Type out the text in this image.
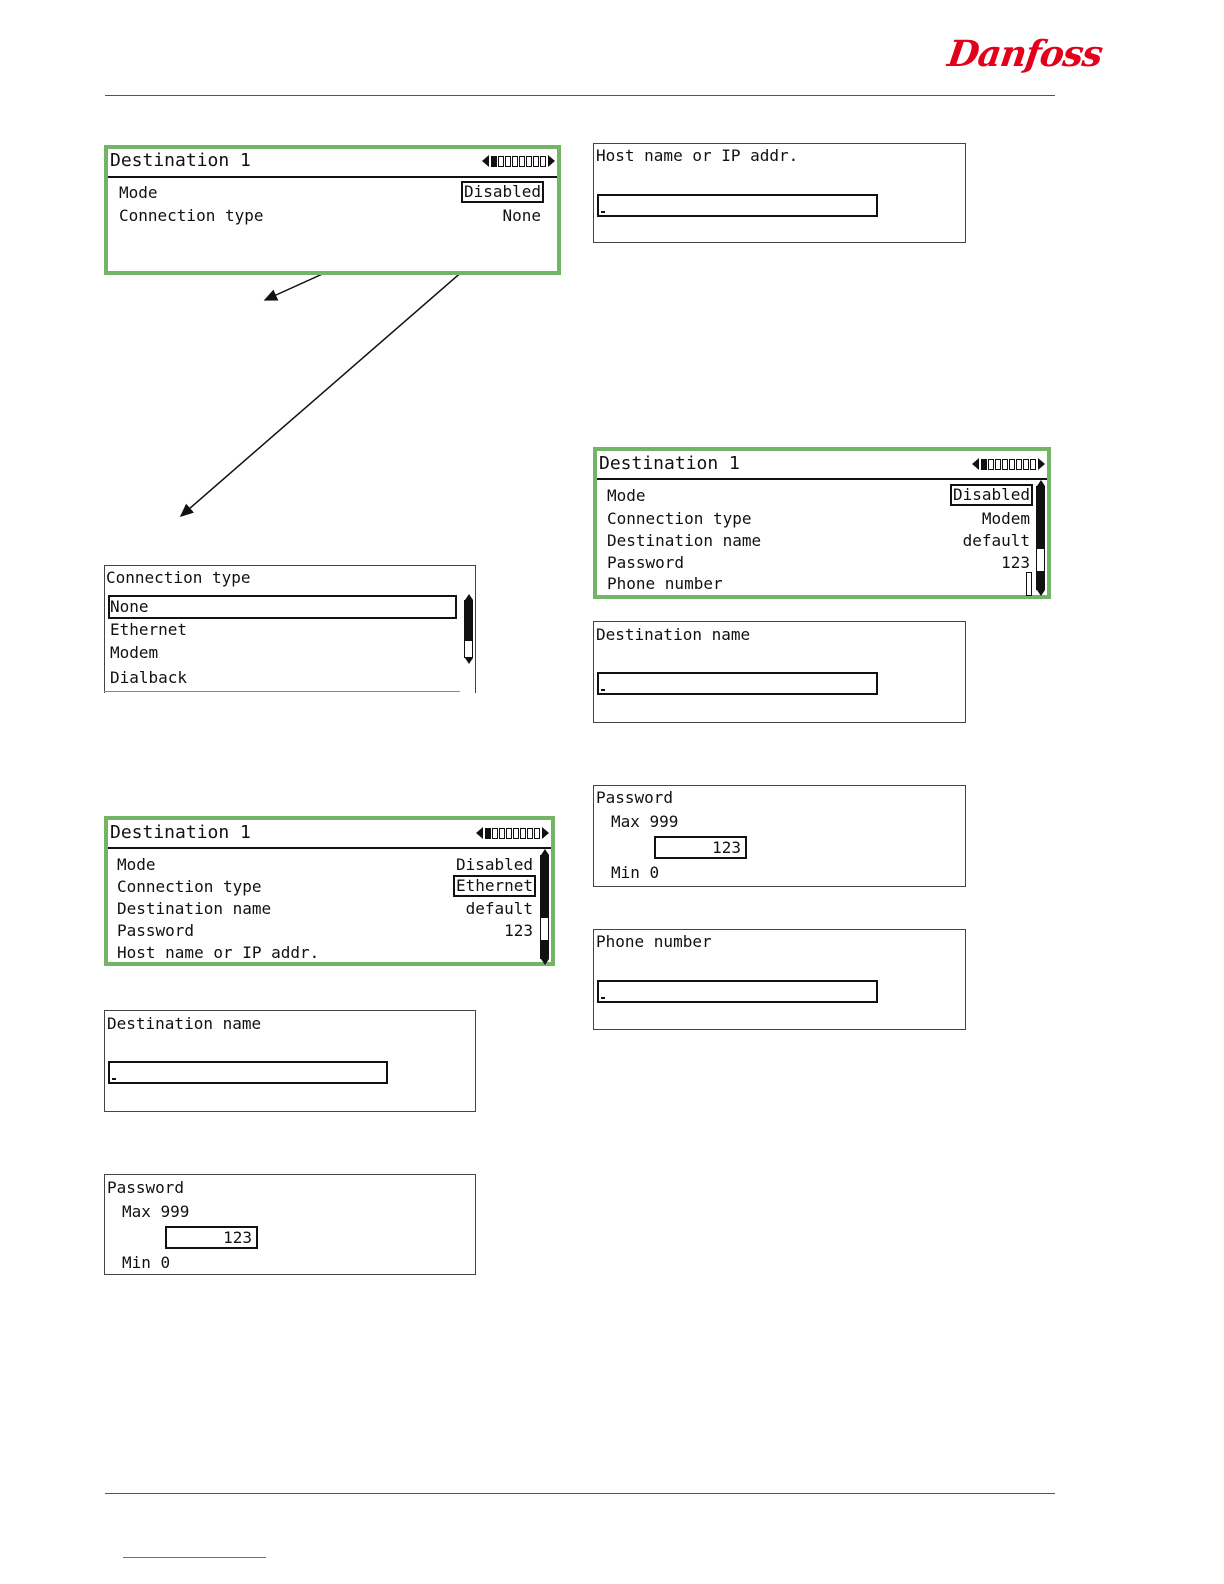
Danfoss
Destination 1
Mode	Disabled
Connection type	None
Connection type
None
Ethernet
Modem
Dialback
Destination 1
Mode	Disabled
Connection type	Ethernet
Destination name	default
Password	123
Host name or IP addr.
Destination name
Password
Max 999
123
Min 0
Host name or IP addr.
Destination 1
Mode	Disabled
Connection type	Modem
Destination name	default
Password	123
Phone number
Destination name
Password
Max 999
123
Min 0
Phone number
